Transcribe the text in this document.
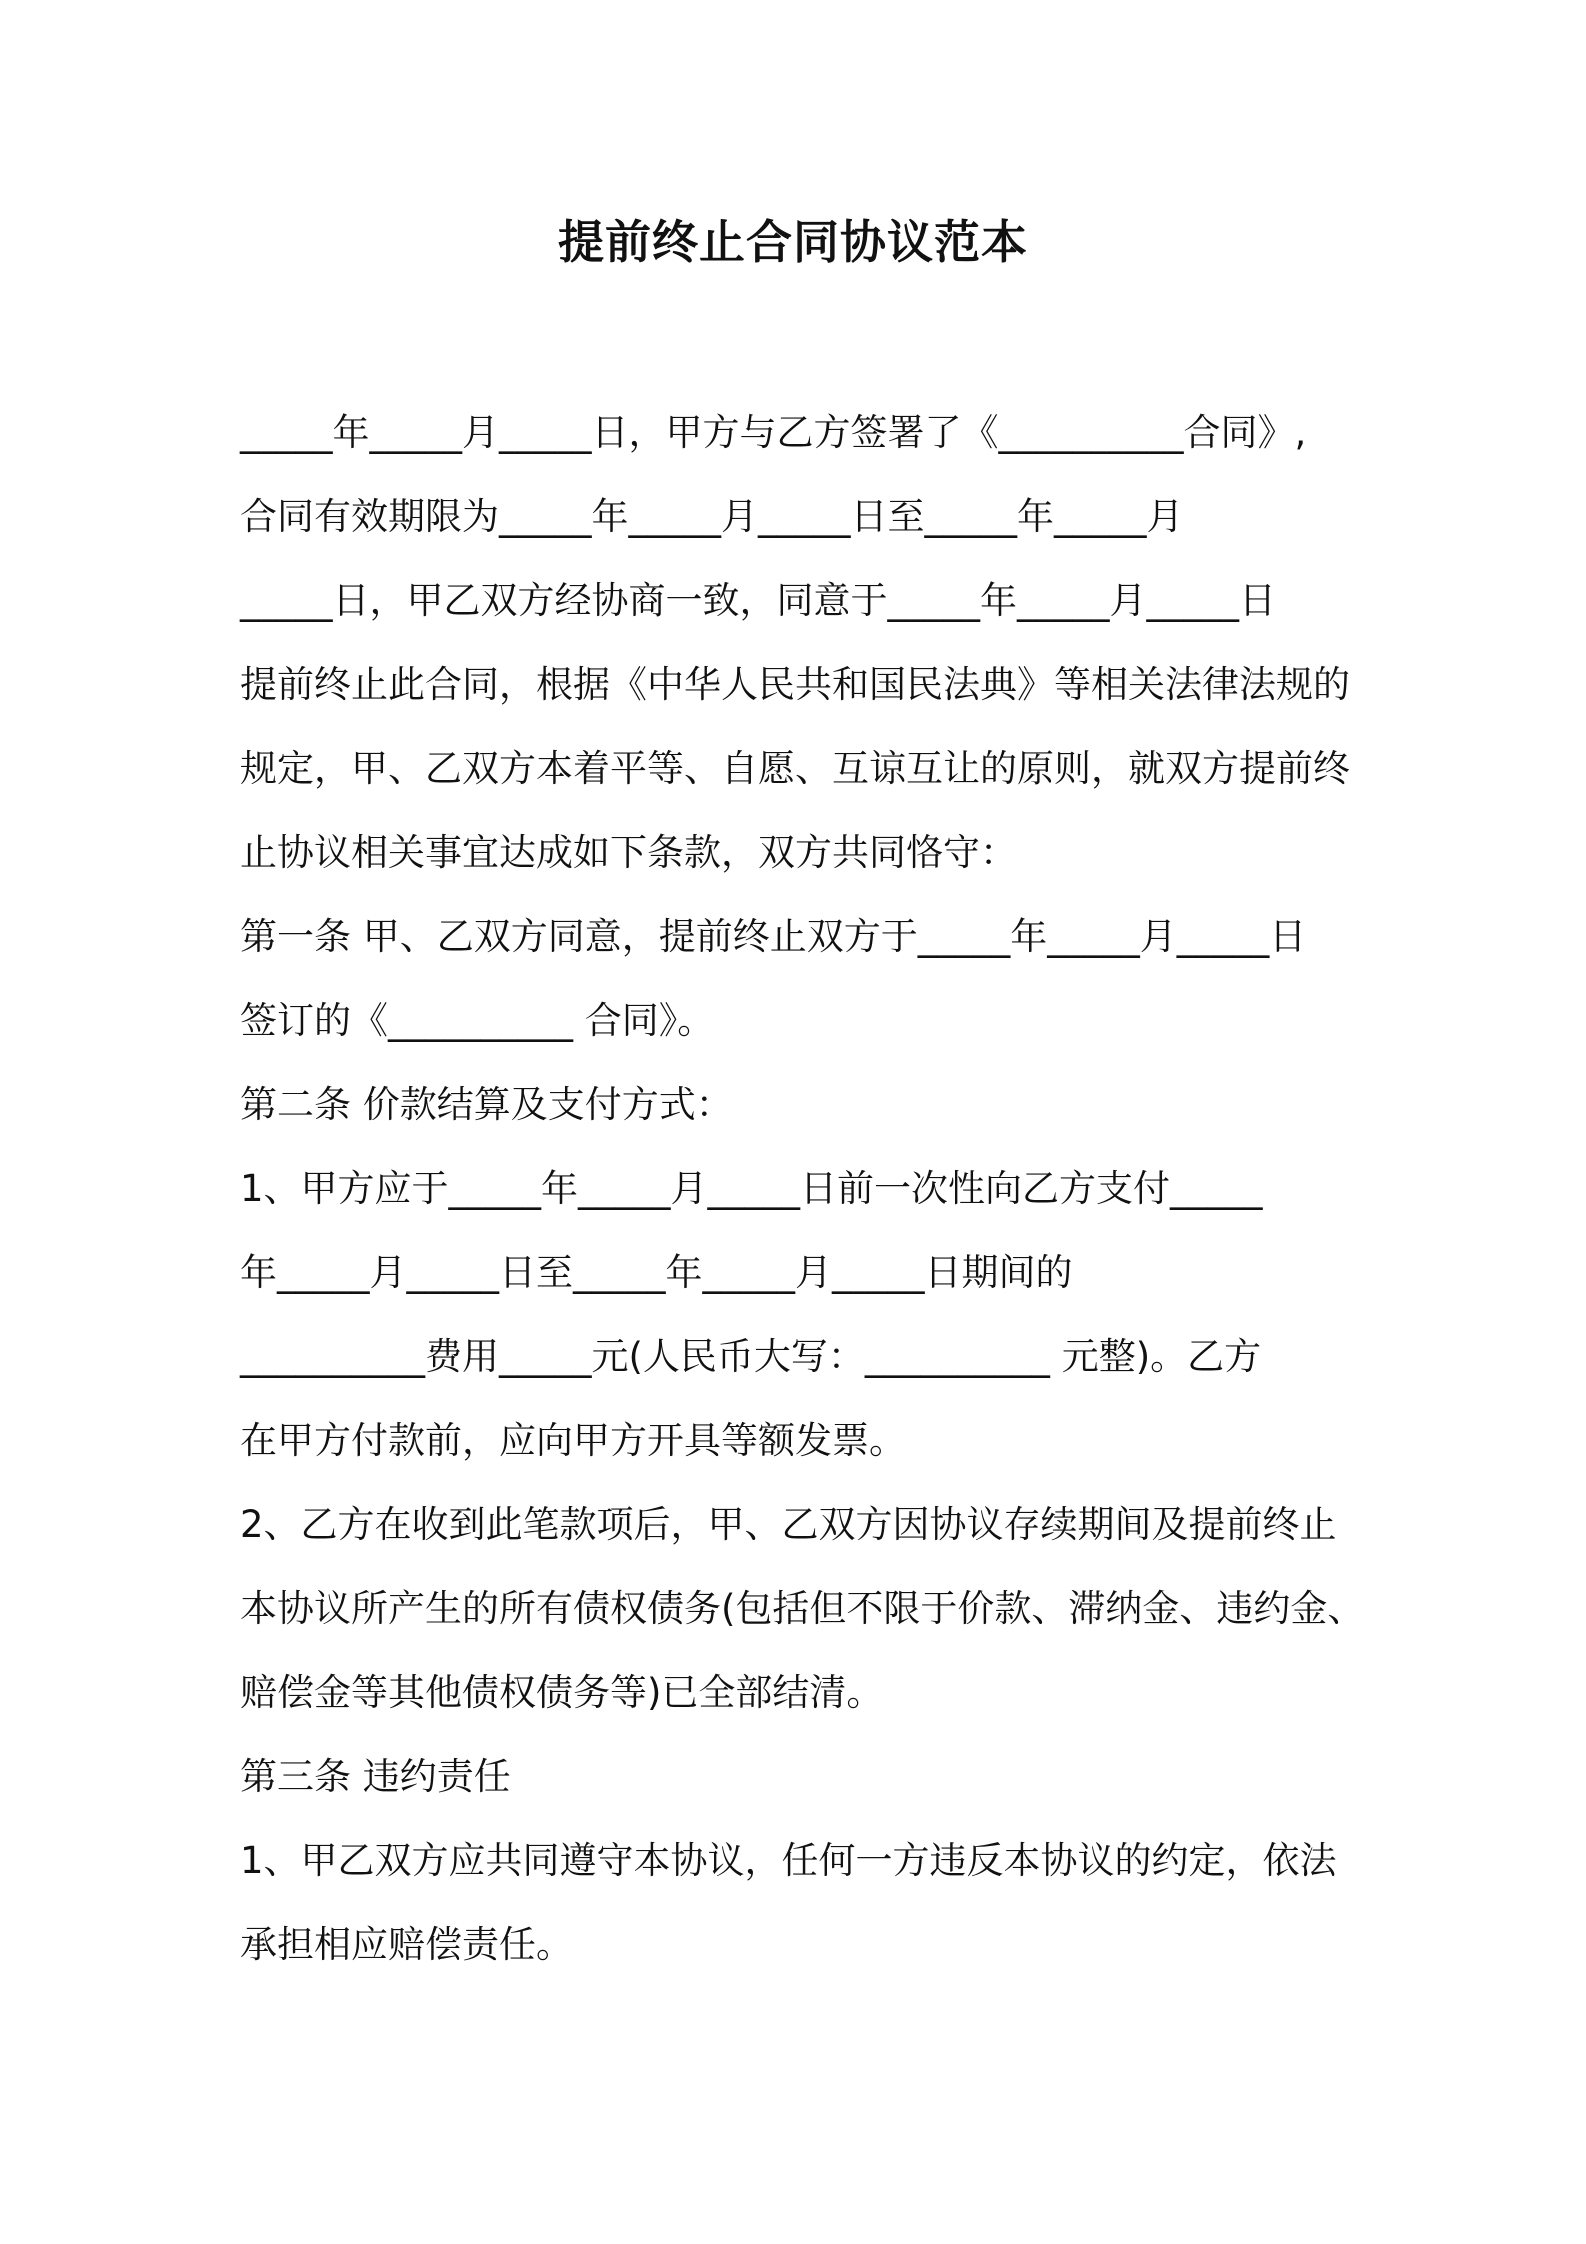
提前终止合同协议范本
_____年_____月_____日，甲方与乙方签署了《__________合同》,
合同有效期限为_____年_____月_____日至_____年_____月
_____日，甲乙双方经协商一致，同意于_____年_____月_____日
提前终止此合同，根据《中华人民共和国民法典》等相关法律法规的
规定，甲、乙双方本着平等、自愿、互谅互让的原则，就双方提前终
止协议相关事宜达成如下条款，双方共同恪守：
第一条 甲、乙双方同意，提前终止双方于_____年_____月_____日
签订的《__________ 合同》。
第二条 价款结算及支付方式：
1、甲方应于_____年_____月_____日前一次性向乙方支付_____
年_____月_____日至_____年_____月_____日期间的
__________费用_____元(人民币大写：__________ 元整)。乙方
在甲方付款前，应向甲方开具等额发票。
2、乙方在收到此笔款项后，甲、乙双方因协议存续期间及提前终止
本协议所产生的所有债权债务(包括但不限于价款、滞纳金、违约金、
赔偿金等其他债权债务等)已全部结清。
第三条 违约责任
1、甲乙双方应共同遵守本协议，任何一方违反本协议的约定，依法
承担相应赔偿责任。
